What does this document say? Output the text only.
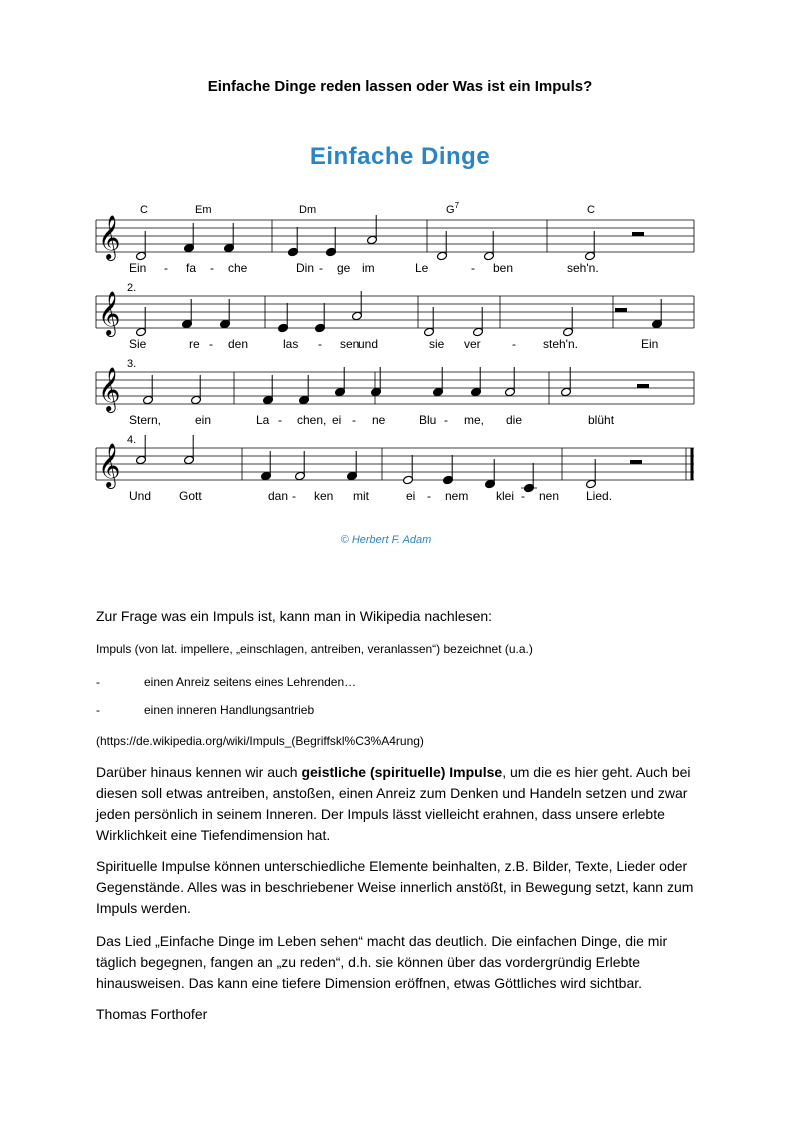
Einfache Dinge reden lassen oder Was ist ein Impuls?
Einfache Dinge
𝄞
C	Em	Dm	$G^7$	C
Ein - fa - che	Din - ge im	Le	- ben	seh'n.
𝄞
2.
Sie	re - den	las - sen
und	sie ver	- steh'n.	Ein
𝄞
3.
Stern,	ein	La - chen, ei - ne	Blu - me, die	blüht
𝄞
4.
Und Gott	dan - ken mit	ei - nem klei - nen Lied.
© Herbert F. Adam
Zur Frage was ein Impuls ist, kann man in Wikipedia nachlesen:
Impuls (von lat. impellere, „einschlagen, antreiben, veranlassen“) bezeichnet (u.a.)
-	einen Anreiz seitens eines Lehrenden…
-	einen inneren Handlungsantrieb
(https://de.wikipedia.org/wiki/Impuls_(Begriffskl%C3%A4rung)
Darüber hinaus kennen wir auch geistliche (spirituelle) Impulse, um die es hier geht. Auch bei diesen soll etwas antreiben, anstoßen, einen Anreiz zum Denken und Handeln setzen und zwar jeden persönlich in seinem Inneren. Der Impuls lässt vielleicht erahnen, dass unsere erlebte Wirklichkeit eine Tiefendimension hat.
Spirituelle Impulse können unterschiedliche Elemente beinhalten, z.B. Bilder, Texte, Lieder oder Gegenstände. Alles was in beschriebener Weise innerlich anstößt, in Bewegung setzt, kann zum Impuls werden.
Das Lied „Einfache Dinge im Leben sehen“ macht das deutlich. Die einfachen Dinge, die mir täglich begegnen, fangen an „zu reden“, d.h. sie können über das vordergründig Erlebte hinausweisen. Das kann eine tiefere Dimension eröffnen, etwas Göttliches wird sichtbar.
Thomas Forthofer
